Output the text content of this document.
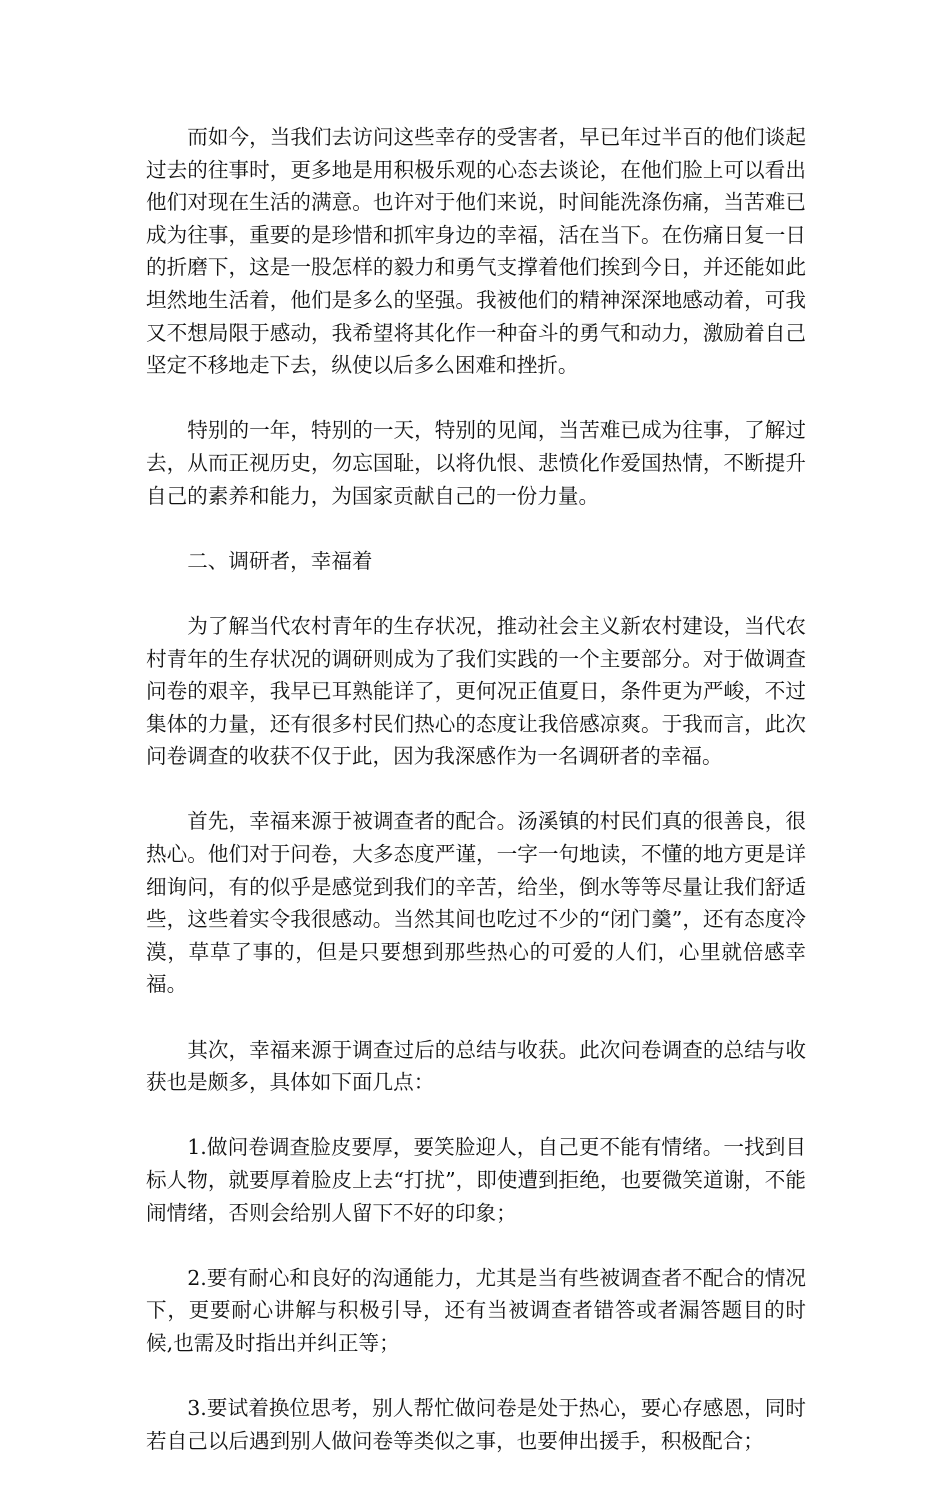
而如今，当我们去访问这些幸存的受害者，早已年过半百的他们谈起过去的往事时，更多地是用积极乐观的心态去谈论，在他们脸上可以看出他们对现在生活的满意。也许对于他们来说，时间能洗涤伤痛，当苦难已成为往事，重要的是珍惜和抓牢身边的幸福，活在当下。在伤痛日复一日的折磨下，这是一股怎样的毅力和勇气支撑着他们挨到今日，并还能如此坦然地生活着，他们是多么的坚强。我被他们的精神深深地感动着，可我又不想局限于感动，我希望将其化作一种奋斗的勇气和动力，激励着自己坚定不移地走下去，纵使以后多么困难和挫折。

特别的一年，特别的一天，特别的见闻，当苦难已成为往事，了解过去，从而正视历史，勿忘国耻，以将仇恨、悲愤化作爱国热情，不断提升自己的素养和能力，为国家贡献自己的一份力量。

二、调研者，幸福着

为了解当代农村青年的生存状况，推动社会主义新农村建设，当代农村青年的生存状况的调研则成为了我们实践的一个主要部分。对于做调查问卷的艰辛，我早已耳熟能详了，更何况正值夏日，条件更为严峻，不过集体的力量，还有很多村民们热心的态度让我倍感凉爽。于我而言，此次问卷调查的收获不仅于此，因为我深感作为一名调研者的幸福。

首先，幸福来源于被调查者的配合。汤溪镇的村民们真的很善良，很热心。他们对于问卷，大多态度严谨，一字一句地读，不懂的地方更是详细询问，有的似乎是感觉到我们的辛苦，给坐，倒水等等尽量让我们舒适些，这些着实令我很感动。当然其间也吃过不少的“闭门羹”，还有态度冷漠，草草了事的，但是只要想到那些热心的可爱的人们，心里就倍感幸福。

其次，幸福来源于调查过后的总结与收获。此次问卷调查的总结与收获也是颇多，具体如下面几点：

1.做问卷调查脸皮要厚，要笑脸迎人，自己更不能有情绪。一找到目标人物，就要厚着脸皮上去“打扰”，即使遭到拒绝，也要微笑道谢，不能闹情绪，否则会给别人留下不好的印象；

2.要有耐心和良好的沟通能力，尤其是当有些被调查者不配合的情况下，更要耐心讲解与积极引导，还有当被调查者错答或者漏答题目的时候,也需及时指出并纠正等；

3.要试着换位思考，别人帮忙做问卷是处于热心，要心存感恩，同时若自己以后遇到别人做问卷等类似之事，也要伸出援手，积极配合；
